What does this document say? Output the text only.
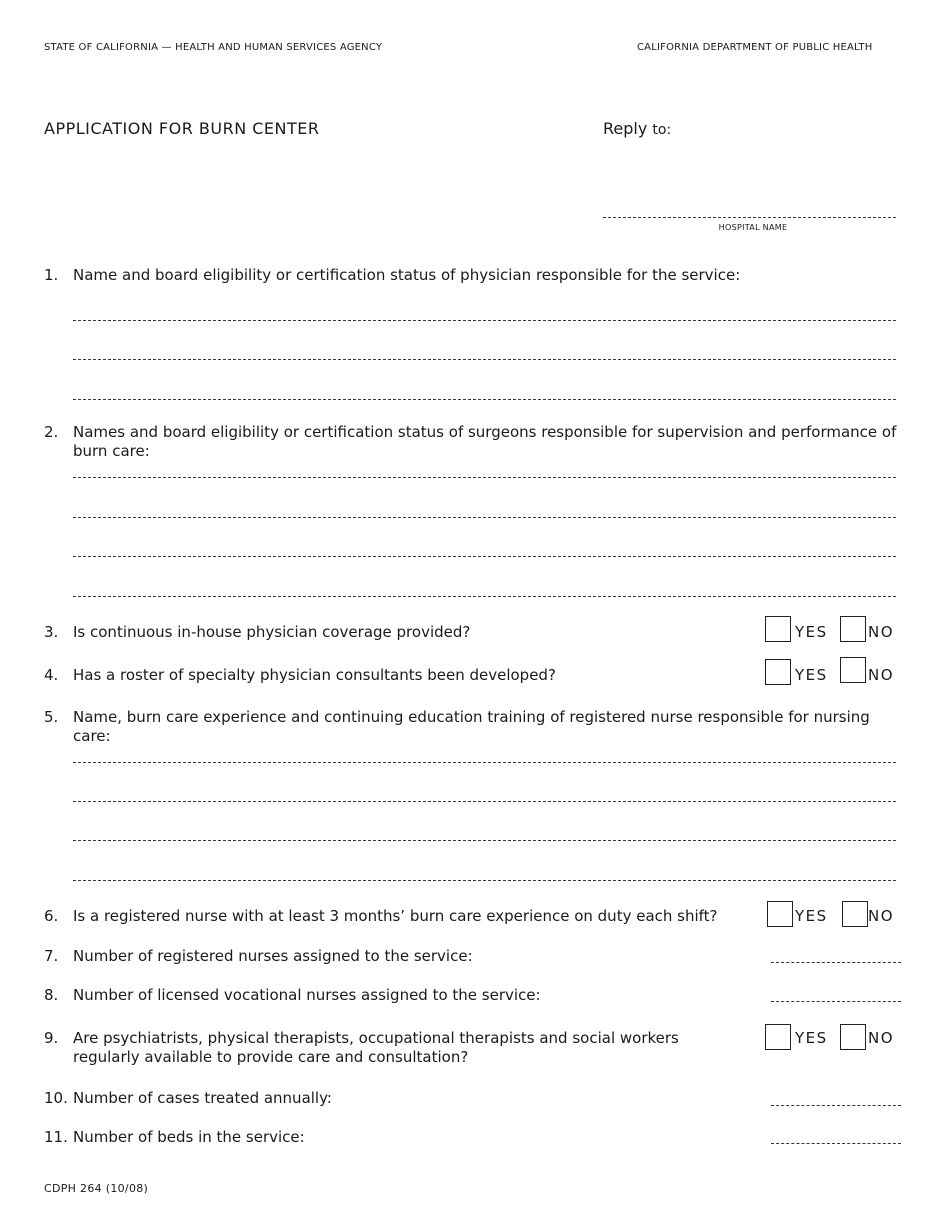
STATE OF CALIFORNIA — HEALTH AND HUMAN SERVICES AGENCY	CALIFORNIA DEPARTMENT OF PUBLIC HEALTH
APPLICATION FOR BURN CENTER	Reply to:
HOSPITAL NAME
1. Name and board eligibility or certification status of physician responsible for the service:
2. Names and board eligibility or certification status of surgeons responsible for supervision and performance of burn care:
3. Is continuous in-house physician coverage provided?	YES	NO
4. Has a roster of specialty physician consultants been developed?	YES	NO
5. Name, burn care experience and continuing education training of registered nurse responsible for nursing care:
6. Is a registered nurse with at least 3 months’ burn care experience on duty each shift?	YES	NO
7. Number of registered nurses assigned to the service:
8. Number of licensed vocational nurses assigned to the service:
9. Are psychiatrists, physical therapists, occupational therapists and social workers regularly available to provide care and consultation?
YES	NO
10. Number of cases treated annually:
11. Number of beds in the service:
CDPH 264 (10/08)
